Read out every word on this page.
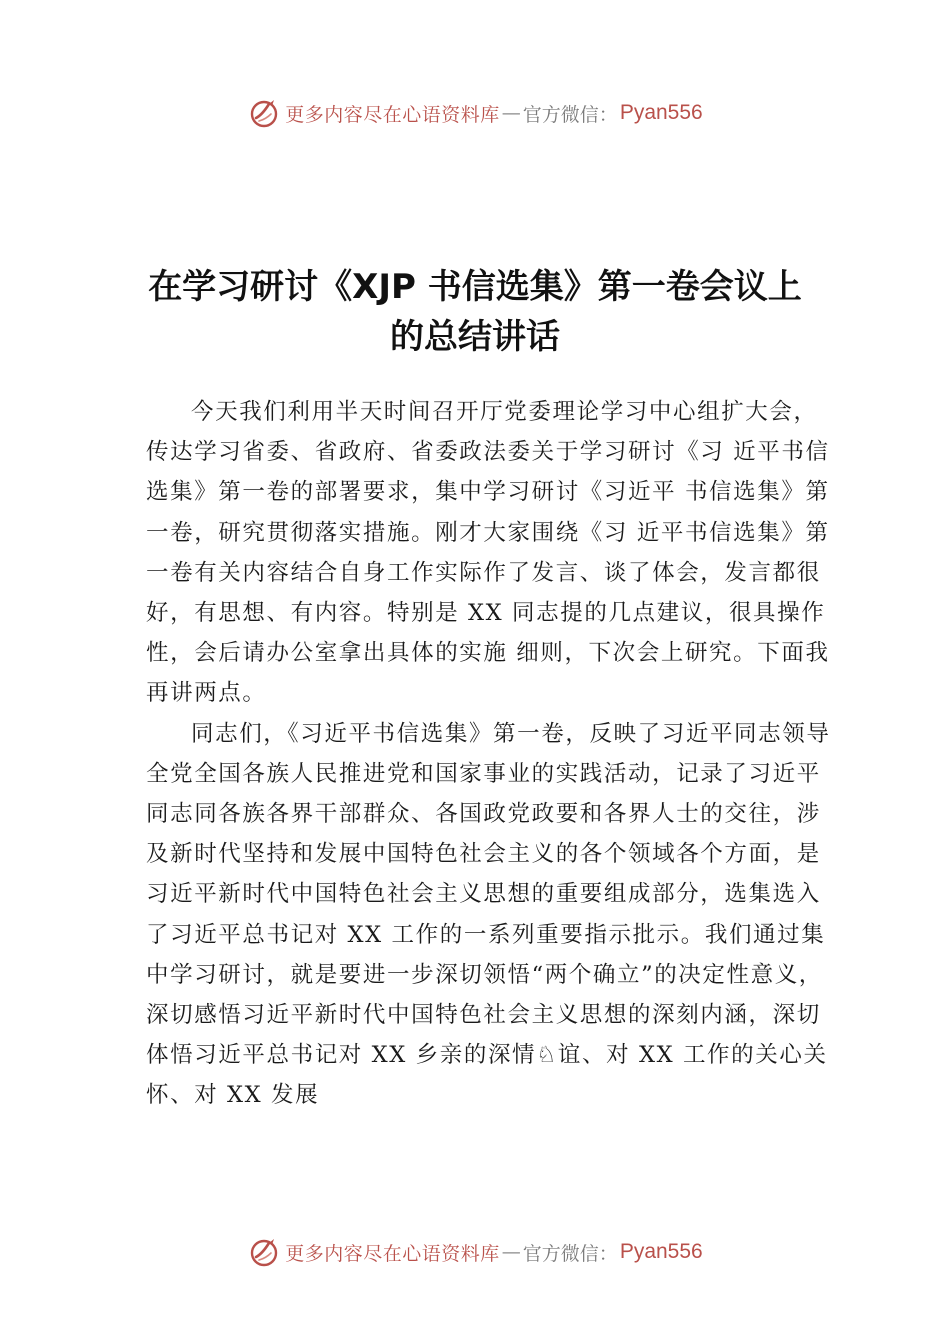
更多内容尽在心语资料库 — 官方微信： Pyan556
在学习研讨《XJP 书信选集》第一卷会议上
的总结讲话

今天我们利用半天时间召开厅党委理论学习中心组扩大会，传达学习省委、省政府、省委政法委关于学习研讨《习 近平书信选集》第一卷的部署要求，集中学习研讨《习近平 书信选集》第一卷，研究贯彻落实措施。刚才大家围绕《习 近平书信选集》第一卷有关内容结合自身工作实际作了发言、谈了体会，发言都很好，有思想、有内容。特别是 XX 同志提的几点建议，很具操作性，会后请办公室拿出具体的实施 细则，下次会上研究。下面我再讲两点。

同志们，《习近平书信选集》第一卷，反映了习近平同志领导全党全国各族人民推进党和国家事业的实践活动，记录了习近平同志同各族各界干部群众、各国政党政要和各界人士的交往，涉及新时代坚持和发展中国特色社会主义的各个领域各个方面，是习近平新时代中国特色社会主义思想的重要组成部分，选集选入了习近平总书记对 XX 工作的一系列重要指示批示。我们通过集中学习研讨，就是要进一步深切领悟“两个确立”的决定性意义，深切感悟习近平新时代中国特色社会主义思想的深刻内涵，深切体悟习近平总书记对 XX 乡亲的深情♘谊、对 XX 工作的关心关怀、对 XX 发展

更多内容尽在心语资料库 — 官方微信： Pyan556
